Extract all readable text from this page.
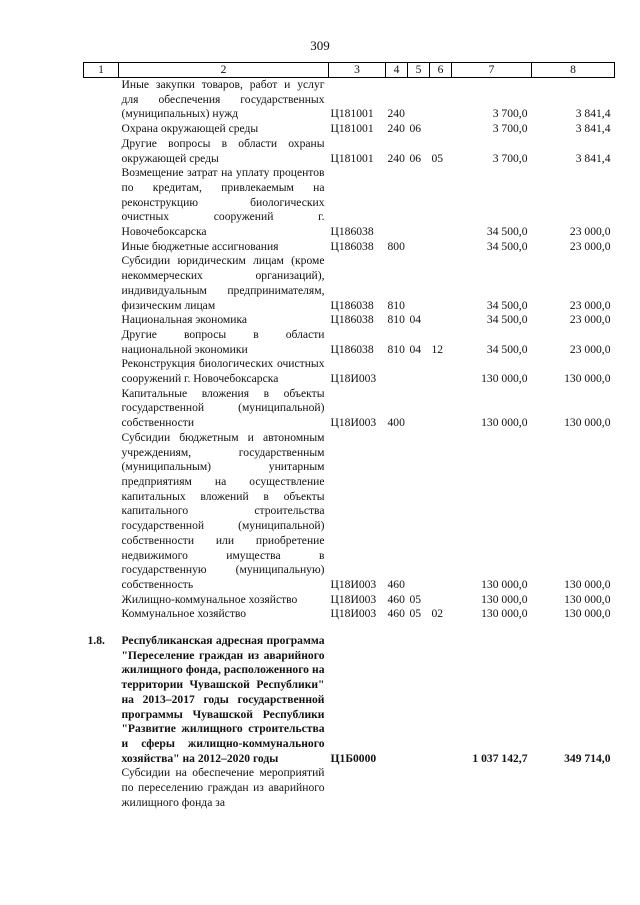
309
1	2	3	4	5	6	7	8
	Иные закупки товаров, работ и услуг для обеспечения государственных (муниципальных) нужд	Ц181001	240			3 700,0	3 841,4
	Охрана окружающей среды	Ц181001	240	06		3 700,0	3 841,4
	Другие вопросы в области охраны окружающей среды	Ц181001	240	06	05	3 700,0	3 841,4
	Возмещение затрат на уплату процентов по кредитам, привлекаемым на реконструкцию биологических очистных сооружений г. Новочебоксарска	Ц186038				34 500,0	23 000,0
	Иные бюджетные ассигнования	Ц186038	800			34 500,0	23 000,0
	Субсидии юридическим лицам (кроме некоммерческих организаций), индивидуальным предпринимателям, физическим лицам	Ц186038	810			34 500,0	23 000,0
	Национальная экономика	Ц186038	810	04		34 500,0	23 000,0
	Другие вопросы в области национальной экономики	Ц186038	810	04	12	34 500,0	23 000,0
	Реконструкция биологических очистных сооружений г. Новочебоксарска	Ц18И003				130 000,0	130 000,0
	Капитальные вложения в объекты государственной (муниципальной) собственности	Ц18И003	400			130 000,0	130 000,0
	Субсидии бюджетным и автономным учреждениям, государственным (муниципальным) унитарным предприятиям на осуществление капитальных вложений в объекты капитального строительства государственной (муниципальной) собственности или приобретение недвижимого имущества в государственную (муниципальную) собственность	Ц18И003	460			130 000,0	130 000,0
	Жилищно-коммунальное хозяйство	Ц18И003	460	05		130 000,0	130 000,0
	Коммунальное хозяйство	Ц18И003	460	05	02	130 000,0	130 000,0

1.8.	Республиканская адресная программа "Переселение граждан из аварийного жилищного фонда, расположенного на территории Чувашской Республики" на 2013–2017 годы государственной программы Чувашской Республики "Развитие жилищного строительства и сферы жилищно-коммунального хозяйства" на 2012–2020 годы	Ц1Б0000				1 037 142,7	349 714,0
	Субсидии на обеспечение мероприятий по переселению граждан из аварийного жилищного фонда за						
